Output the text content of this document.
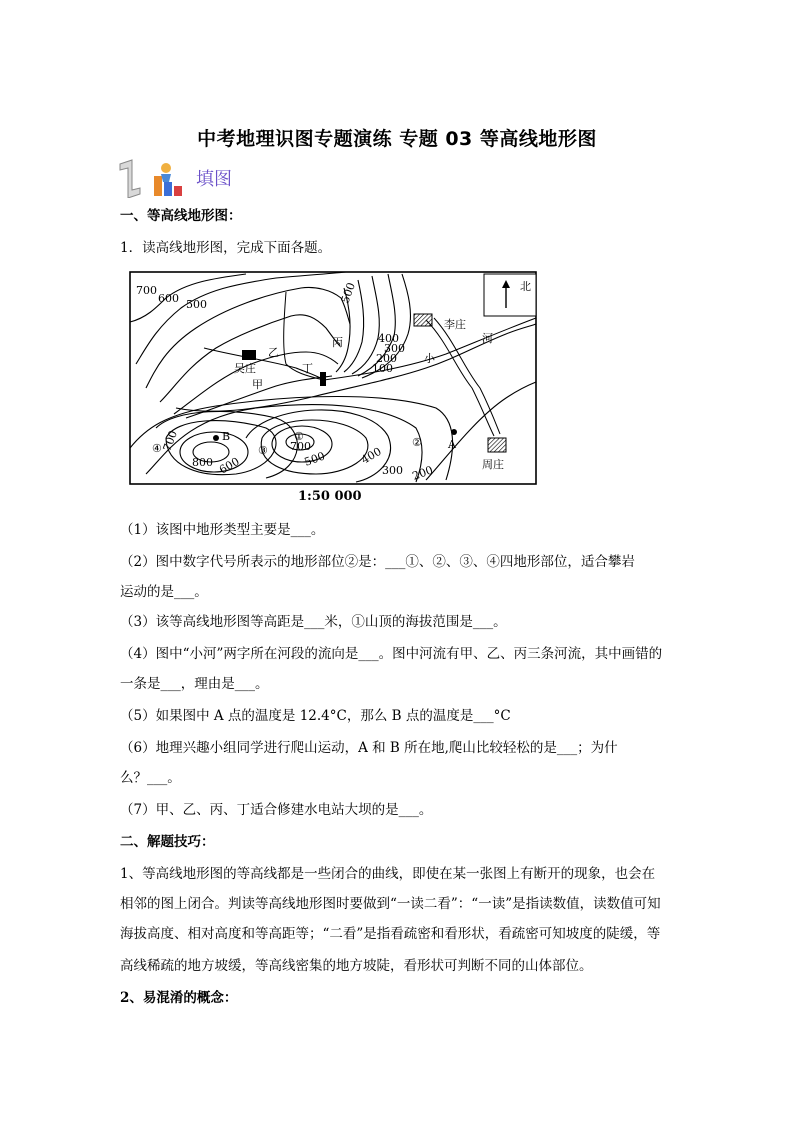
中考地理识图专题演练 专题 03 等高线地形图
填图
一、等高线地形图：
1．读高线地形图，完成下面各题。
北
700
600 500	500
400
300
200
100
700
800
700
600	500	400
300 200
李庄
吴庄
周庄
甲
乙
丙
丁
小
河
B
A
④
①	②
③
1:50 000
（1）该图中地形类型主要是___。
（2）图中数字代号所表示的地形部位②是：___①、②、③、④四地形部位，适合攀岩
运动的是___。
（3）该等高线地形图等高距是___米，①山顶的海拔范围是___。
（4）图中“小河”两字所在河段的流向是___。图中河流有甲、乙、丙三条河流，其中画错的
一条是___，理由是___。
（5）如果图中 A 点的温度是 12.4°C，那么 B 点的温度是___°C
（6）地理兴趣小组同学进行爬山运动，A 和 B 所在地,爬山比较轻松的是___；为什
么？___。
（7）甲、乙、丙、丁适合修建水电站大坝的是___。
二、解题技巧：
1、等高线地形图的等高线都是一些闭合的曲线，即使在某一张图上有断开的现象，也会在
相邻的图上闭合。判读等高线地形图时要做到“一读二看”：“一读”是指读数值，读数值可知
海拔高度、相对高度和等高距等；“二看”是指看疏密和看形状，看疏密可知坡度的陡缓，等
高线稀疏的地方坡缓，等高线密集的地方坡陡，看形状可判断不同的山体部位。
2、易混淆的概念：
